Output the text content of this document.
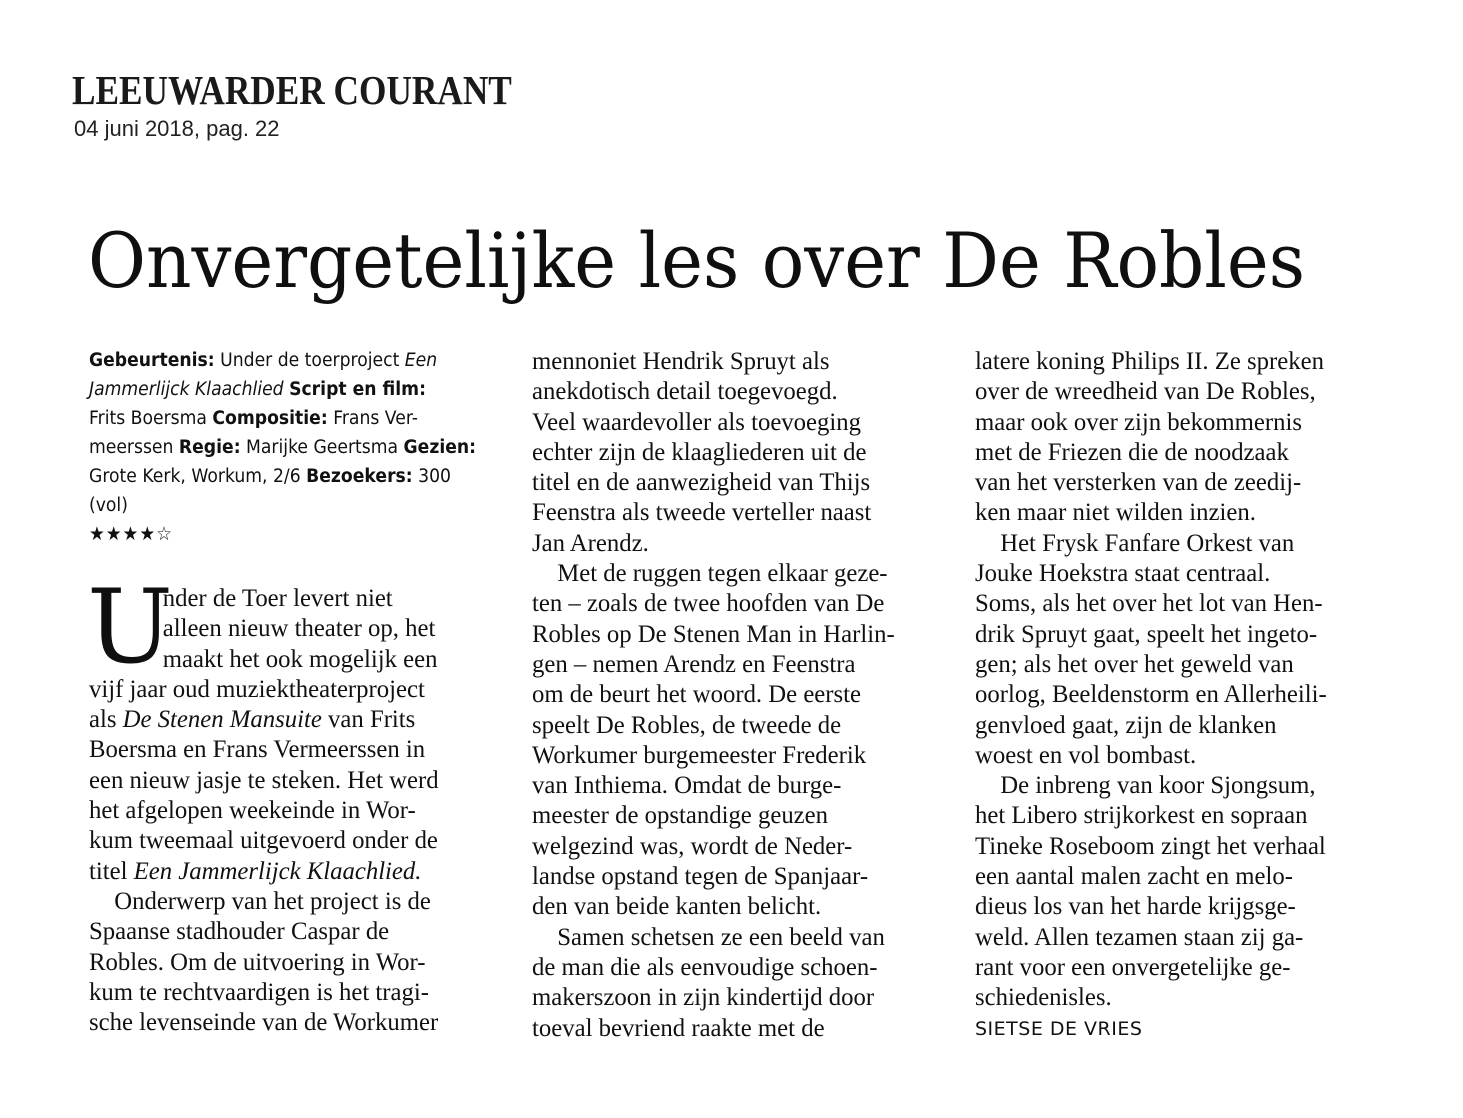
LEEUWARDER COURANT
04 juni 2018, pag. 22
Onvergetelijke les over De Robles
Gebeurtenis: Under de toerproject Een
Jammerlijck Klaachlied Script en film:
Frits Boersma Compositie: Frans Ver-
meerssen Regie: Marijke Geertsma Gezien:
Grote Kerk, Workum, 2/6 Bezoekers: 300
(vol)
★★★★☆
U
nder de Toer levert niet
alleen nieuw theater op, het
maakt het ook mogelijk een
vijf jaar oud muziektheaterproject
als De Stenen Mansuite van Frits
Boersma en Frans Vermeerssen in
een nieuw jasje te steken. Het werd
het afgelopen weekeinde in Wor-
kum tweemaal uitgevoerd onder de
titel Een Jammerlijck Klaachlied.
Onderwerp van het project is de
Spaanse stadhouder Caspar de
Robles. Om de uitvoering in Wor-
kum te rechtvaardigen is het tragi-
sche levenseinde van de Workumer
mennoniet Hendrik Spruyt als
anekdotisch detail toegevoegd.
Veel waardevoller als toevoeging
echter zijn de klaagliederen uit de
titel en de aanwezigheid van Thijs
Feenstra als tweede verteller naast
Jan Arendz.
Met de ruggen tegen elkaar geze-
ten – zoals de twee hoofden van De
Robles op De Stenen Man in Harlin-
gen – nemen Arendz en Feenstra
om de beurt het woord. De eerste
speelt De Robles, de tweede de
Workumer burgemeester Frederik
van Inthiema. Omdat de burge-
meester de opstandige geuzen
welgezind was, wordt de Neder-
landse opstand tegen de Spanjaar-
den van beide kanten belicht.
Samen schetsen ze een beeld van
de man die als eenvoudige schoen-
makerszoon in zijn kindertijd door
toeval bevriend raakte met de
latere koning Philips II. Ze spreken
over de wreedheid van De Robles,
maar ook over zijn bekommernis
met de Friezen die de noodzaak
van het versterken van de zeedij-
ken maar niet wilden inzien.
Het Frysk Fanfare Orkest van
Jouke Hoekstra staat centraal.
Soms, als het over het lot van Hen-
drik Spruyt gaat, speelt het ingeto-
gen; als het over het geweld van
oorlog, Beeldenstorm en Allerheili-
genvloed gaat, zijn de klanken
woest en vol bombast.
De inbreng van koor Sjongsum,
het Libero strijkorkest en sopraan
Tineke Roseboom zingt het verhaal
een aantal malen zacht en melo-
dieus los van het harde krijgsge-
weld. Allen tezamen staan zij ga-
rant voor een onvergetelijke ge-
schiedenisles.
SIETSE DE VRIES
